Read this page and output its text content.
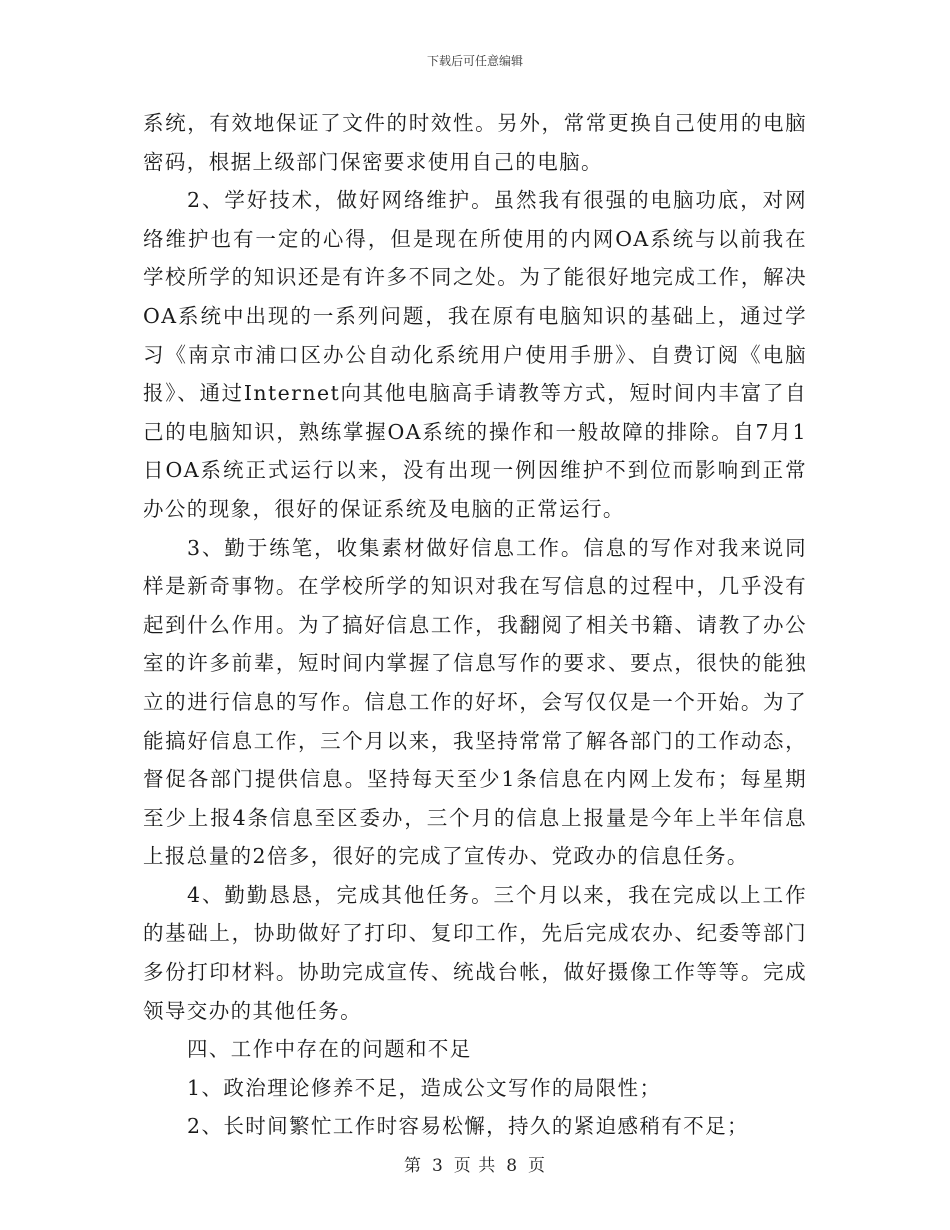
下载后可任意编辑

系统，有效地保证了文件的时效性。另外，常常更换自己使用的电脑密码，根据上级部门保密要求使用自己的电脑。

2、学好技术，做好网络维护。虽然我有很强的电脑功底，对网络维护也有一定的心得，但是现在所使用的内网OA系统与以前我在学校所学的知识还是有许多不同之处。为了能很好地完成工作，解决OA系统中出现的一系列问题，我在原有电脑知识的基础上，通过学习《南京市浦口区办公自动化系统用户使用手册》、自费订阅《电脑报》、通过Internet向其他电脑高手请教等方式，短时间内丰富了自己的电脑知识，熟练掌握OA系统的操作和一般故障的排除。自7月1日OA系统正式运行以来，没有出现一例因维护不到位而影响到正常办公的现象，很好的保证系统及电脑的正常运行。

3、勤于练笔，收集素材做好信息工作。信息的写作对我来说同样是新奇事物。在学校所学的知识对我在写信息的过程中，几乎没有起到什么作用。为了搞好信息工作，我翻阅了相关书籍、请教了办公室的许多前辈，短时间内掌握了信息写作的要求、要点，很快的能独立的进行信息的写作。信息工作的好坏，会写仅仅是一个开始。为了能搞好信息工作，三个月以来，我坚持常常了解各部门的工作动态，督促各部门提供信息。坚持每天至少1条信息在内网上发布；每星期至少上报4条信息至区委办，三个月的信息上报量是今年上半年信息上报总量的2倍多，很好的完成了宣传办、党政办的信息任务。

4、勤勤恳恳，完成其他任务。三个月以来，我在完成以上工作的基础上，协助做好了打印、复印工作，先后完成农办、纪委等部门多份打印材料。协助完成宣传、统战台帐，做好摄像工作等等。完成领导交办的其他任务。

四、工作中存在的问题和不足

1、政治理论修养不足，造成公文写作的局限性；

2、长时间繁忙工作时容易松懈，持久的紧迫感稍有不足；

第 3 页 共 8 页
